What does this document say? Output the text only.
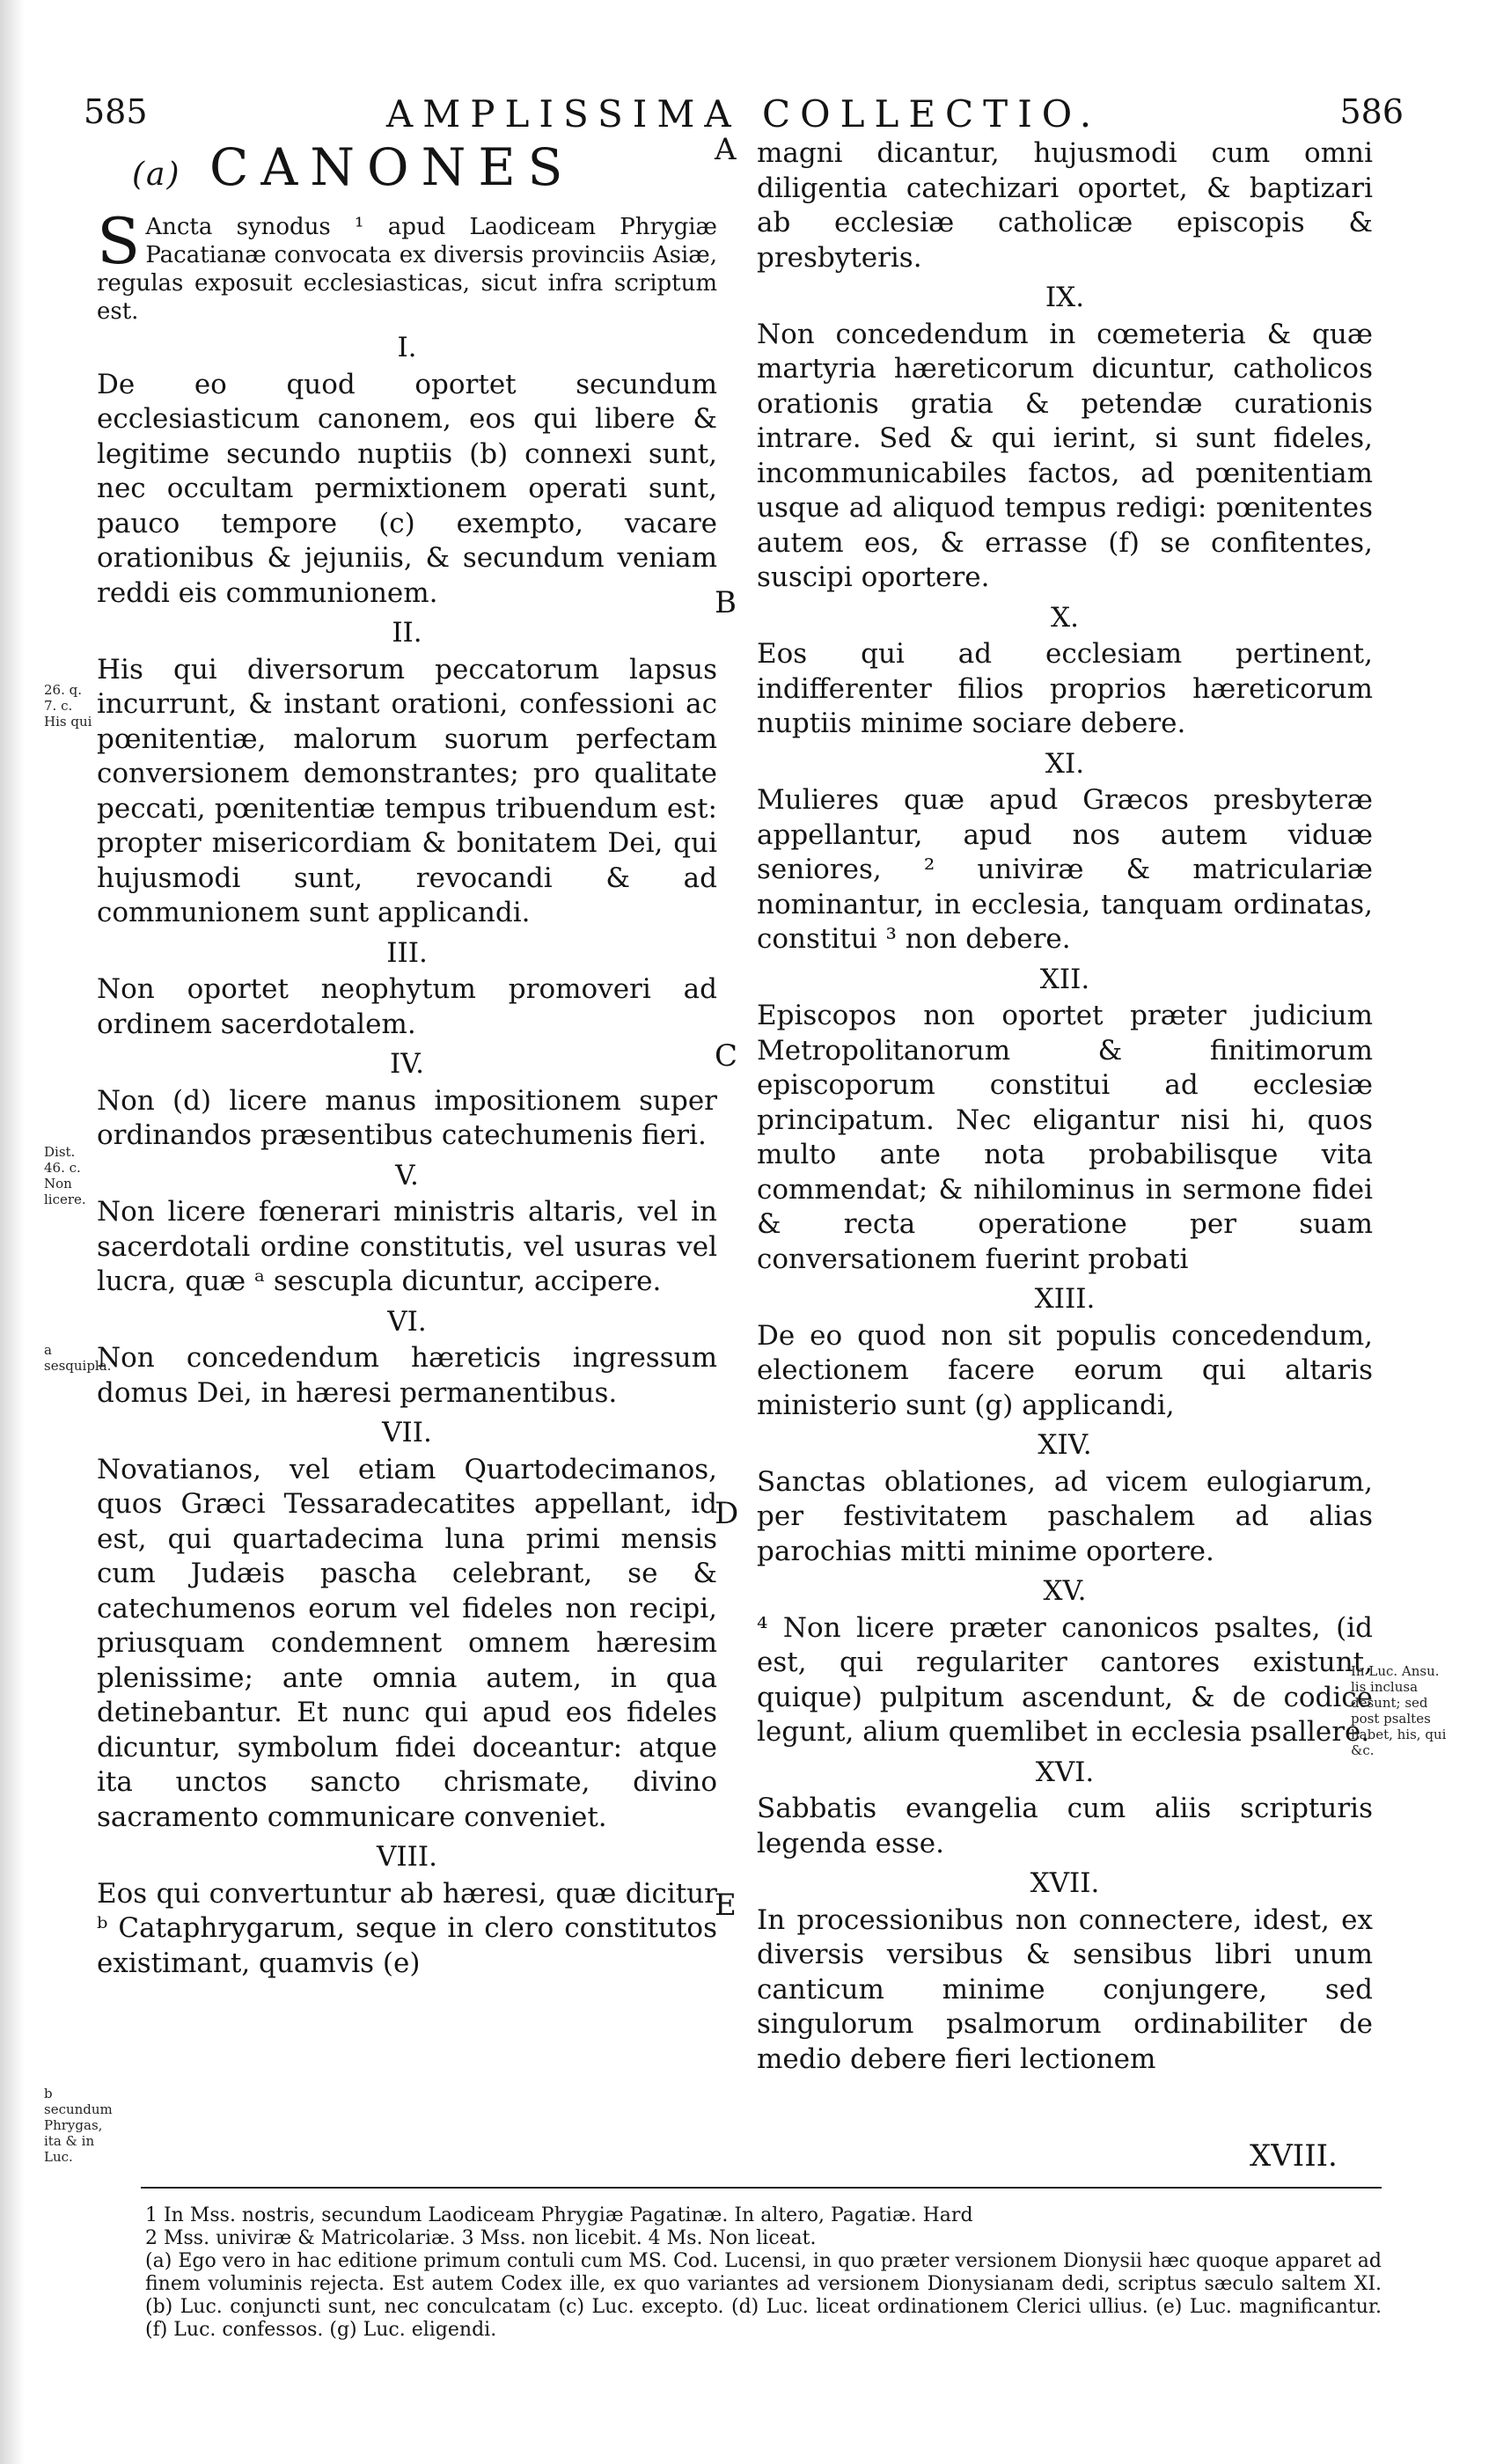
585	AMPLISSIMA COLLECTIO.	586
(a) CANONES

S Ancta synodus ¹ apud Laodiceam Phrygiæ Pacatianæ convocata ex diversis provinciis Asiæ, regulas exposuit ecclesiasticas, sicut infra scriptum est.

I.

De eo quod oportet secundum ecclesiasticum canonem, eos qui libere & legitime secundo nuptiis (b) connexi sunt, nec occultam permixtionem operati sunt, pauco tempore (c) exempto, vacare orationibus & jejuniis, & secundum veniam reddi eis communionem.

II.

His qui diversorum peccatorum lapsus incurrunt, & instant orationi, confessioni ac pœnitentiæ, malorum suorum perfectam conversionem demonstrantes; pro qualitate peccati, pœnitentiæ tempus tribuendum est: propter misericordiam & bonitatem Dei, qui hujusmodi sunt, revocandi & ad communionem sunt applicandi.

III.

Non oportet neophytum promoveri ad ordinem sacerdotalem.

IV.

Non (d) licere manus impositionem super ordinandos præsentibus catechumenis fieri.

V.

Non licere fœnerari ministris altaris, vel in sacerdotali ordine constitutis, vel usuras vel lucra, quæ ᵃ sescupla dicuntur, accipere.

VI.

Non concedendum hæreticis ingressum domus Dei, in hæresi permanentibus.

VII.

Novatianos, vel etiam Quartodecimanos, quos Græci Tessaradecatites appellant, id est, qui quartadecima luna primi mensis cum Judæis pascha celebrant, se & catechumenos eorum vel fideles non recipi, priusquam condemnent omnem hæresim plenissime; ante omnia autem, in qua detinebantur. Et nunc qui apud eos fideles dicuntur, symbolum fidei doceantur: atque ita unctos sancto chrismate, divino sacramento communicare conveniet.

VIII.

Eos qui convertuntur ab hæresi, quæ dicitur ᵇ Cataphrygarum, seque in clero constitutos existimant, quamvis (e)

magni dicantur, hujusmodi cum omni diligentia catechizari oportet, & baptizari ab ecclesiæ catholicæ episcopis & presbyteris.

IX.

Non concedendum in cœmeteria & quæ martyria hæreticorum dicuntur, catholicos orationis gratia & petendæ curationis intrare. Sed & qui ierint, si sunt fideles, incommunicabiles factos, ad pœnitentiam usque ad aliquod tempus redigi: pœnitentes autem eos, & errasse (f) se confitentes, suscipi oportere.

X.

Eos qui ad ecclesiam pertinent, indifferenter filios proprios hæreticorum nuptiis minime sociare debere.

XI.

Mulieres quæ apud Græcos presbyteræ appellantur, apud nos autem viduæ seniores, ² univiræ & matriculariæ nominantur, in ecclesia, tanquam ordinatas, constitui ³ non debere.

XII.

Episcopos non oportet præter judicium Metropolitanorum & finitimorum episcoporum constitui ad ecclesiæ principatum. Nec eligantur nisi hi, quos multo ante nota probabilisque vita commendat; & nihilominus in sermone fidei & recta operatione per suam conversationem fuerint probati

XIII.

De eo quod non sit populis concedendum, electionem facere eorum qui altaris ministerio sunt (g) applicandi,

XIV.

Sanctas oblationes, ad vicem eulogiarum, per festivitatem paschalem ad alias parochias mitti minime oportere.

XV.

⁴ Non licere præter canonicos psaltes, (id est, qui regulariter cantores existunt, quique) pulpitum ascendunt, & de codice legunt, alium quemlibet in ecclesia psallere.

XVI.

Sabbatis evangelia cum aliis scripturis legenda esse.

XVII.

In processionibus non connectere, idest, ex diversis versibus & sensibus libri unum canticum minime conjungere, sed singulorum psalmorum ordinabiliter de medio debere fieri lectionem

A
B
C
D
E
26. q. 7. c. His qui
Dist. 46. c. Non licere.
a sesquipla.
b secundum Phrygas, ita & in Luc.
In Luc. Ansu. lis inclusa desunt; sed post psaltes habet, his, qui &c.
XVIII.

1 In Mss. nostris, secundum Laodiceam Phrygiæ Pagatinæ. In altero, Pagatiæ. Hard

2 Mss. univiræ & Matricolariæ. 3 Mss. non licebit. 4 Ms. Non liceat.

(a) Ego vero in hac editione primum contuli cum MS. Cod. Lucensi, in quo præter versionem Dionysii hæc quoque apparet ad finem voluminis rejecta. Est autem Codex ille, ex quo variantes ad versionem Dionysianam dedi, scriptus sæculo saltem XI. (b) Luc. conjuncti sunt, nec conculcatam (c) Luc. excepto. (d) Luc. liceat ordinationem Clerici ullius. (e) Luc. magnificantur. (f) Luc. confessos. (g) Luc. eligendi.
